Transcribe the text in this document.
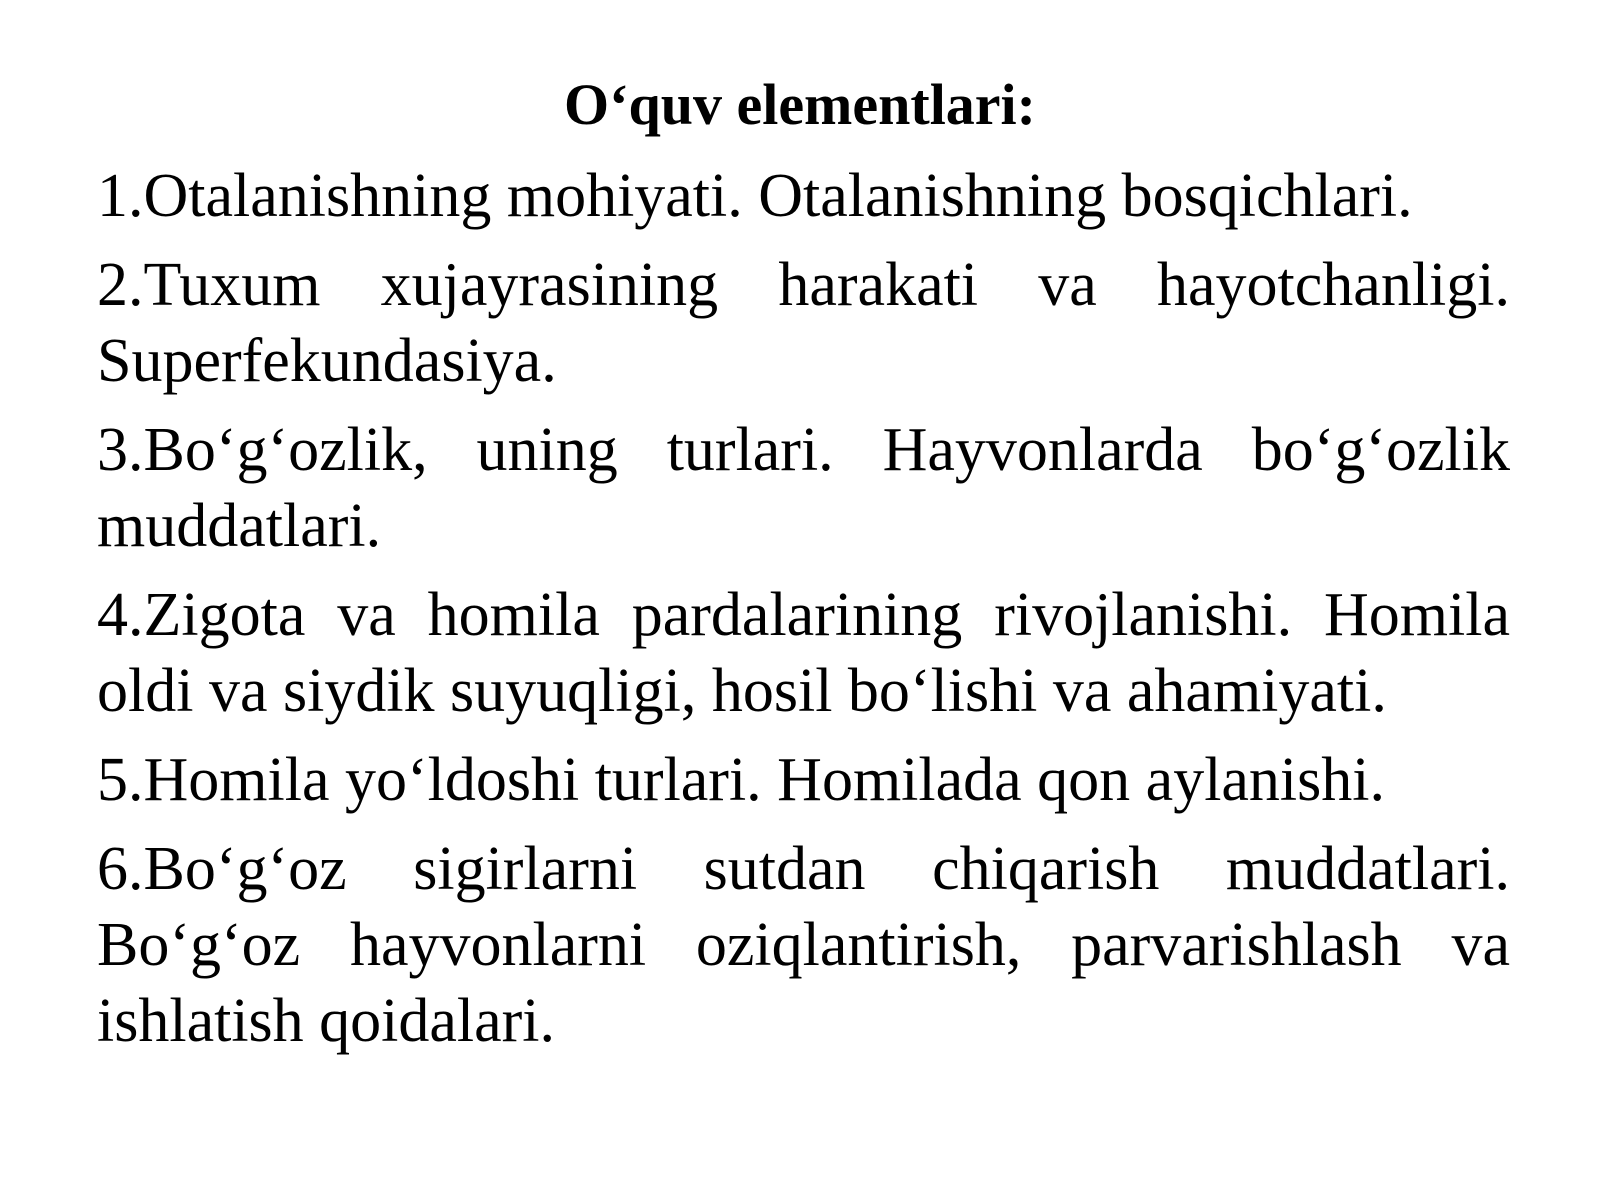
O‘quv elementlari:
1.Otalanishning mohiyati. Otalanishning bosqichlari.
2.Tuxum xujayrasining harakati va hayotchanligi. Superfekundasiya.
3.Bo‘g‘ozlik, uning turlari. Hayvonlarda bo‘g‘ozlik muddatlari.
4.Zigota va homila pardalarining rivojlanishi. Homila oldi va siydik suyuqligi, hosil bo‘lishi va ahamiyati.
5.Homila yo‘ldoshi turlari. Homilada qon aylanishi.
6.Bo‘g‘oz sigirlarni sutdan chiqarish muddatlari. Bo‘g‘oz hayvonlarni oziqlantirish, parvarishlash va ishlatish qoidalari.
